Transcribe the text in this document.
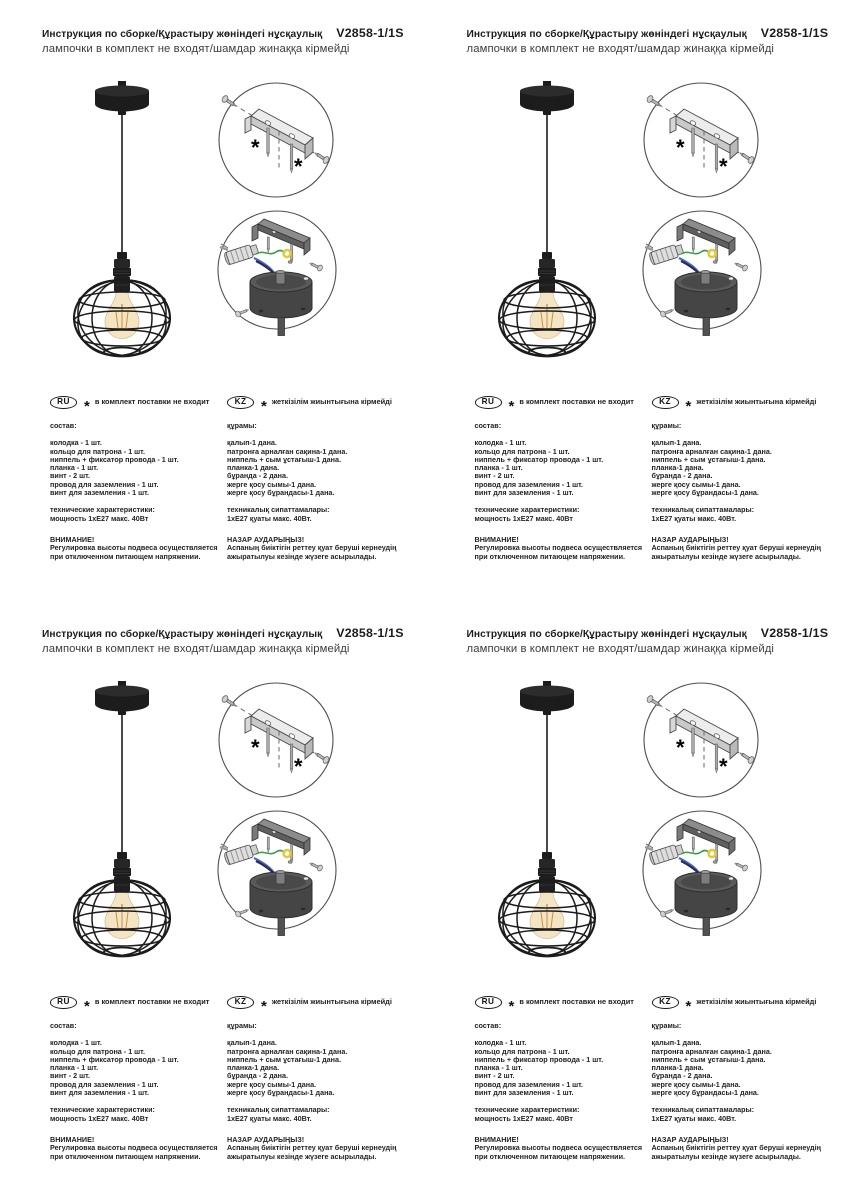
Инструкция по сборке/Құрастыру жөніндегі нұсқаулық V2858-1/1S
лампочки в комплект не входят/шамдар жинаққа кірмейді
*
*
RU * в комплект поставки не входит
состав:
колодка - 1 шт.
кольцо для патрона - 1 шт.
ниппель + фиксатор провода - 1 шт.
планка - 1 шт.
винт - 2 шт.
провод для заземления - 1 шт.
винт для заземления - 1 шт.
технические характеристики:
мощность 1хЕ27 макс. 40Вт
ВНИМАНИЕ!
Регулировка высоты подвеса осуществляется при отключенном питающем напряжении.
KZ * жеткізілім жиынтығына кірмейді
құрамы:
қалып-1 дана.
патронға арналған сақина-1 дана.
ниппель + сым ұстағыш-1 дана.
планка-1 дана.
бұранда - 2 дана.
жерге қосу сымы-1 дана.
жерге қосу бұрандасы-1 дана.
техникалық сипаттамалары:
1хЕ27 қуаты макс. 40Вт.
НАЗАР АУДАРЫҢЫЗ!
Аспаның биіктігін реттеу қуат беруші кернеудің ажыратылуы кезінде жүзеге асырылады.
Инструкция по сборке/Құрастыру жөніндегі нұсқаулық V2858-1/1S
лампочки в комплект не входят/шамдар жинаққа кірмейді
*
*
RU * в комплект поставки не входит
состав:
колодка - 1 шт.
кольцо для патрона - 1 шт.
ниппель + фиксатор провода - 1 шт.
планка - 1 шт.
винт - 2 шт.
провод для заземления - 1 шт.
винт для заземления - 1 шт.
технические характеристики:
мощность 1хЕ27 макс. 40Вт
ВНИМАНИЕ!
Регулировка высоты подвеса осуществляется при отключенном питающем напряжении.
KZ * жеткізілім жиынтығына кірмейді
құрамы:
қалып-1 дана.
патронға арналған сақина-1 дана.
ниппель + сым ұстағыш-1 дана.
планка-1 дана.
бұранда - 2 дана.
жерге қосу сымы-1 дана.
жерге қосу бұрандасы-1 дана.
техникалық сипаттамалары:
1хЕ27 қуаты макс. 40Вт.
НАЗАР АУДАРЫҢЫЗ!
Аспаның биіктігін реттеу қуат беруші кернеудің ажыратылуы кезінде жүзеге асырылады.
Инструкция по сборке/Құрастыру жөніндегі нұсқаулық V2858-1/1S
лампочки в комплект не входят/шамдар жинаққа кірмейді
*
*
RU * в комплект поставки не входит
состав:
колодка - 1 шт.
кольцо для патрона - 1 шт.
ниппель + фиксатор провода - 1 шт.
планка - 1 шт.
винт - 2 шт.
провод для заземления - 1 шт.
винт для заземления - 1 шт.
технические характеристики:
мощность 1хЕ27 макс. 40Вт
ВНИМАНИЕ!
Регулировка высоты подвеса осуществляется при отключенном питающем напряжении.
KZ * жеткізілім жиынтығына кірмейді
құрамы:
қалып-1 дана.
патронға арналған сақина-1 дана.
ниппель + сым ұстағыш-1 дана.
планка-1 дана.
бұранда - 2 дана.
жерге қосу сымы-1 дана.
жерге қосу бұрандасы-1 дана.
техникалық сипаттамалары:
1хЕ27 қуаты макс. 40Вт.
НАЗАР АУДАРЫҢЫЗ!
Аспаның биіктігін реттеу қуат беруші кернеудің ажыратылуы кезінде жүзеге асырылады.
Инструкция по сборке/Құрастыру жөніндегі нұсқаулық V2858-1/1S
лампочки в комплект не входят/шамдар жинаққа кірмейді
*
*
RU * в комплект поставки не входит
состав:
колодка - 1 шт.
кольцо для патрона - 1 шт.
ниппель + фиксатор провода - 1 шт.
планка - 1 шт.
винт - 2 шт.
провод для заземления - 1 шт.
винт для заземления - 1 шт.
технические характеристики:
мощность 1хЕ27 макс. 40Вт
ВНИМАНИЕ!
Регулировка высоты подвеса осуществляется при отключенном питающем напряжении.
KZ * жеткізілім жиынтығына кірмейді
құрамы:
қалып-1 дана.
патронға арналған сақина-1 дана.
ниппель + сым ұстағыш-1 дана.
планка-1 дана.
бұранда - 2 дана.
жерге қосу сымы-1 дана.
жерге қосу бұрандасы-1 дана.
техникалық сипаттамалары:
1хЕ27 қуаты макс. 40Вт.
НАЗАР АУДАРЫҢЫЗ!
Аспаның биіктігін реттеу қуат беруші кернеудің ажыратылуы кезінде жүзеге асырылады.
